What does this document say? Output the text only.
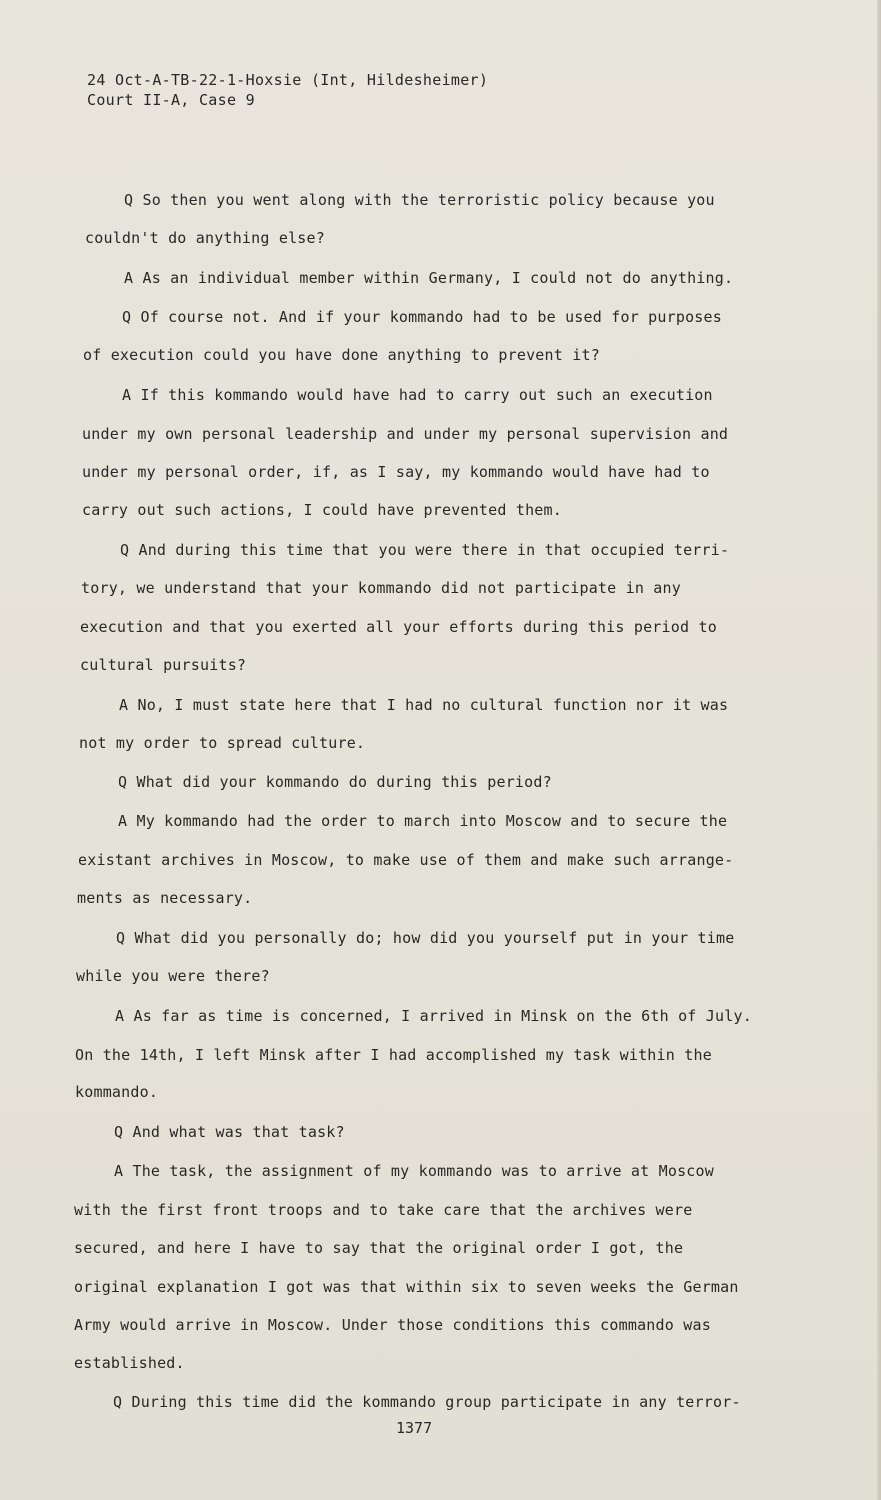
24 Oct-A-TB-22-1-Hoxsie (Int, Hildesheimer)
Court II-A, Case 9
Q So then you went along with the terroristic policy because you
couldn't do anything else?
A As an individual member within Germany, I could not do anything.
Q Of course not. And if your kommando had to be used for purposes
of execution could you have done anything to prevent it?
A If this kommando would have had to carry out such an execution
under my own personal leadership and under my personal supervision and
under my personal order, if, as I say, my kommando would have had to
carry out such actions, I could have prevented them.
Q And during this time that you were there in that occupied terri-
tory, we understand that your kommando did not participate in any
execution and that you exerted all your efforts during this period to
cultural pursuits?
A No, I must state here that I had no cultural function nor it was
not my order to spread culture.
Q What did your kommando do during this period?
A My kommando had the order to march into Moscow and to secure the
existant archives in Moscow, to make use of them and make such arrange-
ments as necessary.
Q What did you personally do; how did you yourself put in your time
while you were there?
A As far as time is concerned, I arrived in Minsk on the 6th of July.
On the 14th, I left Minsk after I had accomplished my task within the
kommando.
Q And what was that task?
A The task, the assignment of my kommando was to arrive at Moscow
with the first front troops and to take care that the archives were
secured, and here I have to say that the original order I got, the
original explanation I got was that within six to seven weeks the German
Army would arrive in Moscow. Under those conditions this commando was
established.
Q During this time did the kommando group participate in any terror-
1377
